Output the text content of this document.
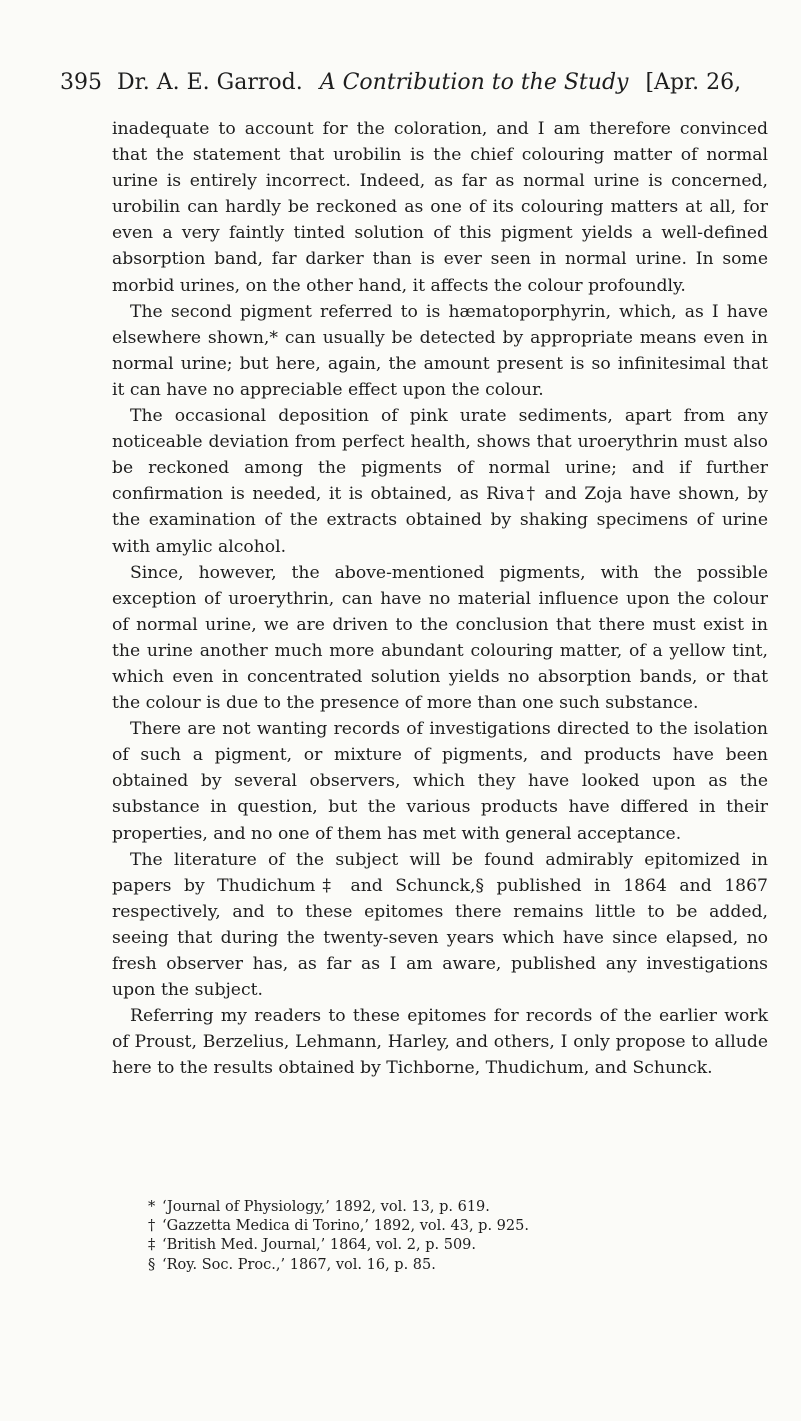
395 Dr. A. E. Garrod. A Contribution to the Study [Apr. 26,

inadequate to account for the coloration, and I am therefore convinced that the statement that urobilin is the chief colouring matter of normal urine is entirely incorrect. Indeed, as far as normal urine is concerned, urobilin can hardly be reckoned as one of its colouring matters at all, for even a very faintly tinted solution of this pigment yields a well-defined absorption band, far darker than is ever seen in normal urine. In some morbid urines, on the other hand, it affects the colour profoundly.

The second pigment referred to is hæmatoporphyrin, which, as I have elsewhere shown,* can usually be detected by appropriate means even in normal urine; but here, again, the amount present is so infinitesimal that it can have no appreciable effect upon the colour.

The occasional deposition of pink urate sediments, apart from any noticeable deviation from perfect health, shows that uroerythrin must also be reckoned among the pigments of normal urine; and if further confirmation is needed, it is obtained, as Riva† and Zoja have shown, by the examination of the extracts obtained by shaking specimens of urine with amylic alcohol.

Since, however, the above-mentioned pigments, with the possible exception of uroerythrin, can have no material influence upon the colour of normal urine, we are driven to the conclusion that there must exist in the urine another much more abundant colouring matter, of a yellow tint, which even in concentrated solution yields no absorption bands, or that the colour is due to the presence of more than one such substance.

There are not wanting records of investigations directed to the isolation of such a pigment, or mixture of pigments, and products have been obtained by several observers, which they have looked upon as the substance in question, but the various products have differed in their properties, and no one of them has met with general acceptance.

The literature of the subject will be found admirably epitomized in papers by Thudichum‡ and Schunck,§ published in 1864 and 1867 respectively, and to these epitomes there remains little to be added, seeing that during the twenty-seven years which have since elapsed, no fresh observer has, as far as I am aware, published any investigations upon the subject.

Referring my readers to these epitomes for records of the earlier work of Proust, Berzelius, Lehmann, Harley, and others, I only propose to allude here to the results obtained by Tichborne, Thudichum, and Schunck.

* ‘Journal of Physiology,’ 1892, vol. 13, p. 619.
† ‘Gazzetta Medica di Torino,’ 1892, vol. 43, p. 925.
‡ ‘British Med. Journal,’ 1864, vol. 2, p. 509.
§ ‘Roy. Soc. Proc.,’ 1867, vol. 16, p. 85.
